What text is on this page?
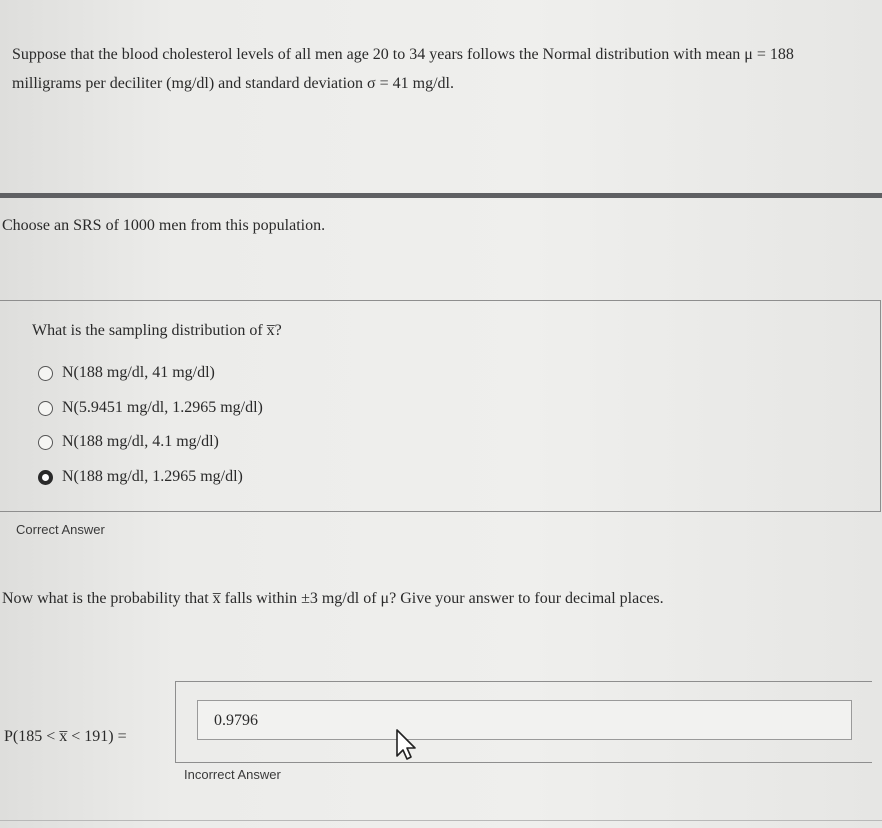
Suppose that the blood cholesterol levels of all men age 20 to 34 years follows the Normal distribution with mean μ = 188
milligrams per deciliter (mg/dl) and standard deviation σ = 41 mg/dl.
Choose an SRS of 1000 men from this population.
What is the sampling distribution of x̅?
N(188 mg/dl, 41 mg/dl)
N(5.9451 mg/dl, 1.2965 mg/dl)
N(188 mg/dl, 4.1 mg/dl)
N(188 mg/dl, 1.2965 mg/dl)
Correct Answer
Now what is the probability that x̅ falls within ±3 mg/dl of μ? Give your answer to four decimal places.
P(185 < x̅ < 191) =
0.9796
Incorrect Answer
